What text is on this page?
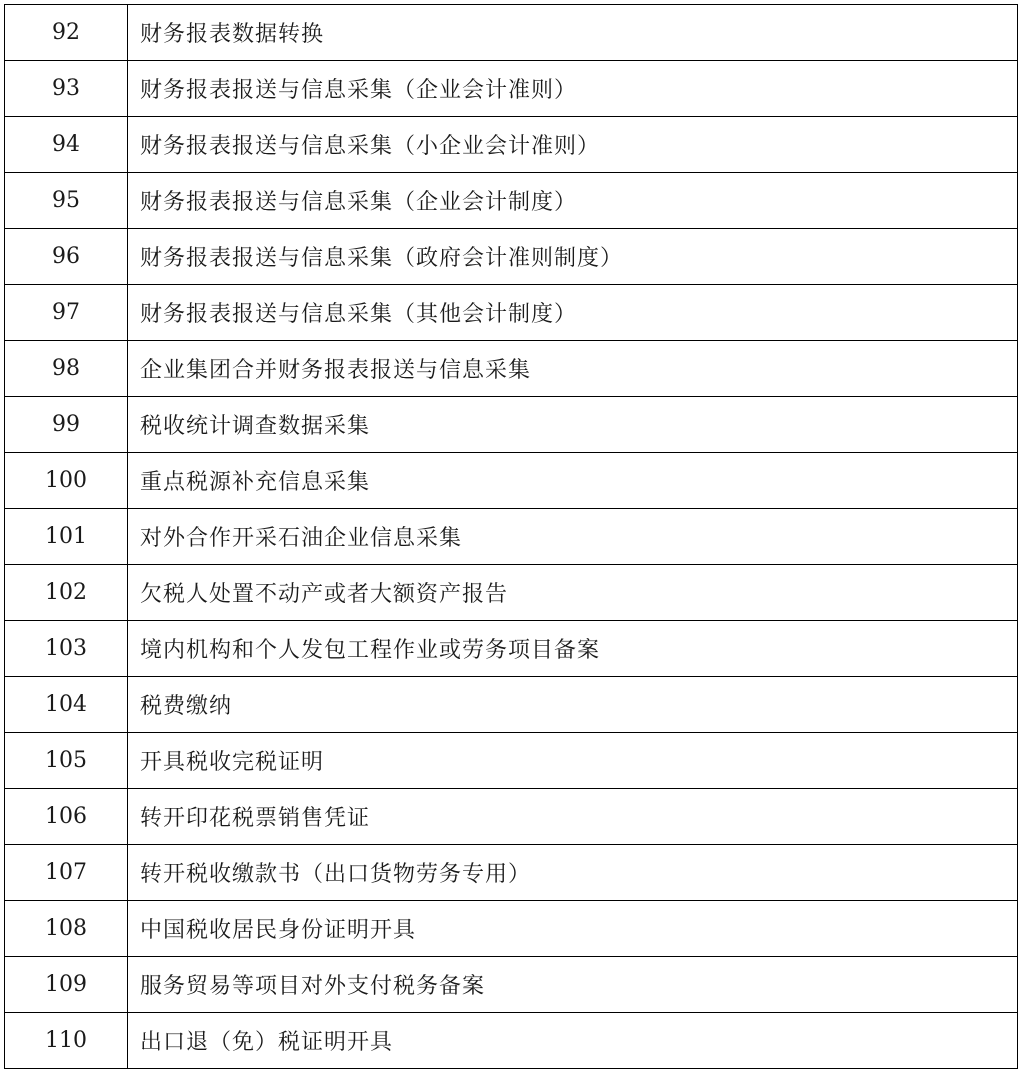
92	财务报表数据转换
93	财务报表报送与信息采集（企业会计准则）
94	财务报表报送与信息采集（小企业会计准则）
95	财务报表报送与信息采集（企业会计制度）
96	财务报表报送与信息采集（政府会计准则制度）
97	财务报表报送与信息采集（其他会计制度）
98	企业集团合并财务报表报送与信息采集
99	税收统计调查数据采集
100	重点税源补充信息采集
101	对外合作开采石油企业信息采集
102	欠税人处置不动产或者大额资产报告
103	境内机构和个人发包工程作业或劳务项目备案
104	税费缴纳
105	开具税收完税证明
106	转开印花税票销售凭证
107	转开税收缴款书（出口货物劳务专用）
108	中国税收居民身份证明开具
109	服务贸易等项目对外支付税务备案
110	出口退（免）税证明开具
